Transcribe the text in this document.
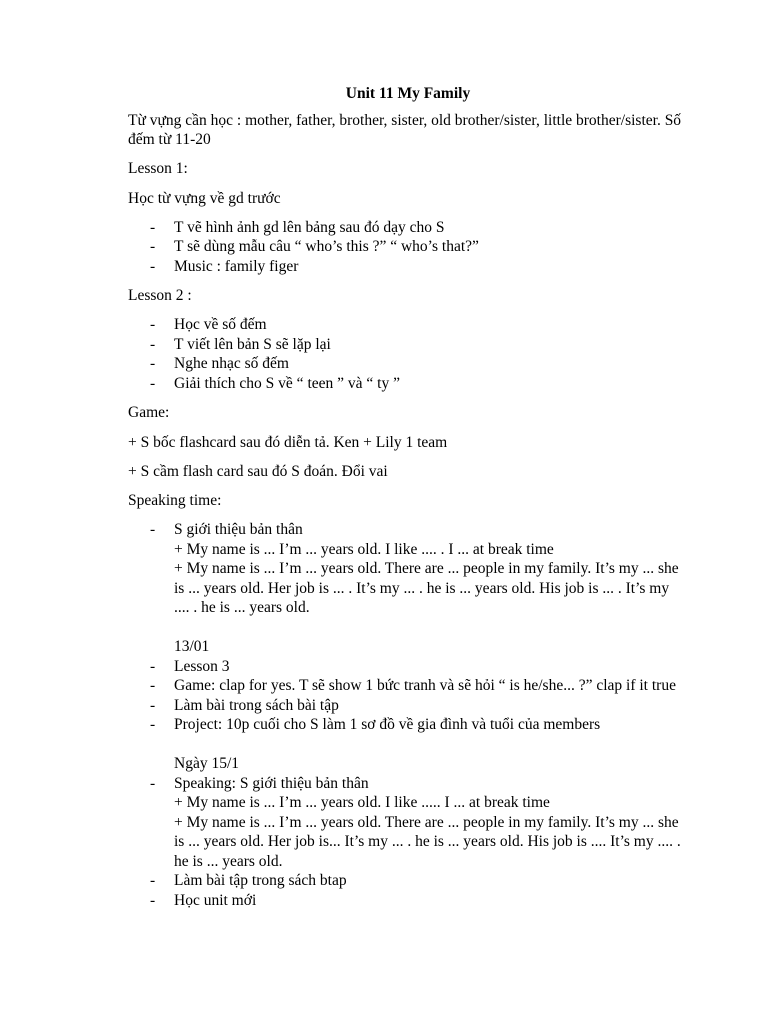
Unit 11 My Family

Từ vựng cần học : mother, father, brother, sister, old brother/sister, little brother/sister. Số đếm từ 11-20

Lesson 1:

Học từ vựng về gd trước

- T vẽ hình ảnh gd lên bảng sau đó dạy cho S
- T sẽ dùng mẫu câu “ who’s this ?” “ who’s that?”
- Music : family figer

Lesson 2 :

- Học về số đếm
- T viết lên bản S sẽ lặp lại
- Nghe nhạc số đếm
- Giải thích cho S về “ teen ” và “ ty ”

Game:

+ S bốc flashcard sau đó diễn tả. Ken + Lily 1 team

+ S cầm flash card sau đó S đoán. Đổi vai

Speaking time:

- S giới thiệu bản thân
+ My name is ... I’m ... years old. I like .... . I ... at break time
+ My name is ... I’m ... years old. There are ... people in my family. It’s my ... she is ... years old. Her job is ... . It’s my ... . he is ... years old. His job is ... . It’s my .... . he is ... years old.
13/01
- Lesson 3
- Game: clap for yes. T sẽ show 1 bức tranh và sẽ hỏi “ is he/she... ?” clap if it true
- Làm bài trong sách bài tập
- Project: 10p cuối cho S làm 1 sơ đồ về gia đình và tuổi của members
Ngày 15/1
- Speaking: S giới thiệu bản thân
+ My name is ... I’m ... years old. I like ..... I ... at break time
+ My name is ... I’m ... years old. There are ... people in my family. It’s my ... she is ... years old. Her job is... It’s my ... . he is ... years old. His job is .... It’s my .... . he is ... years old.
- Làm bài tập trong sách btap
- Học unit mới
